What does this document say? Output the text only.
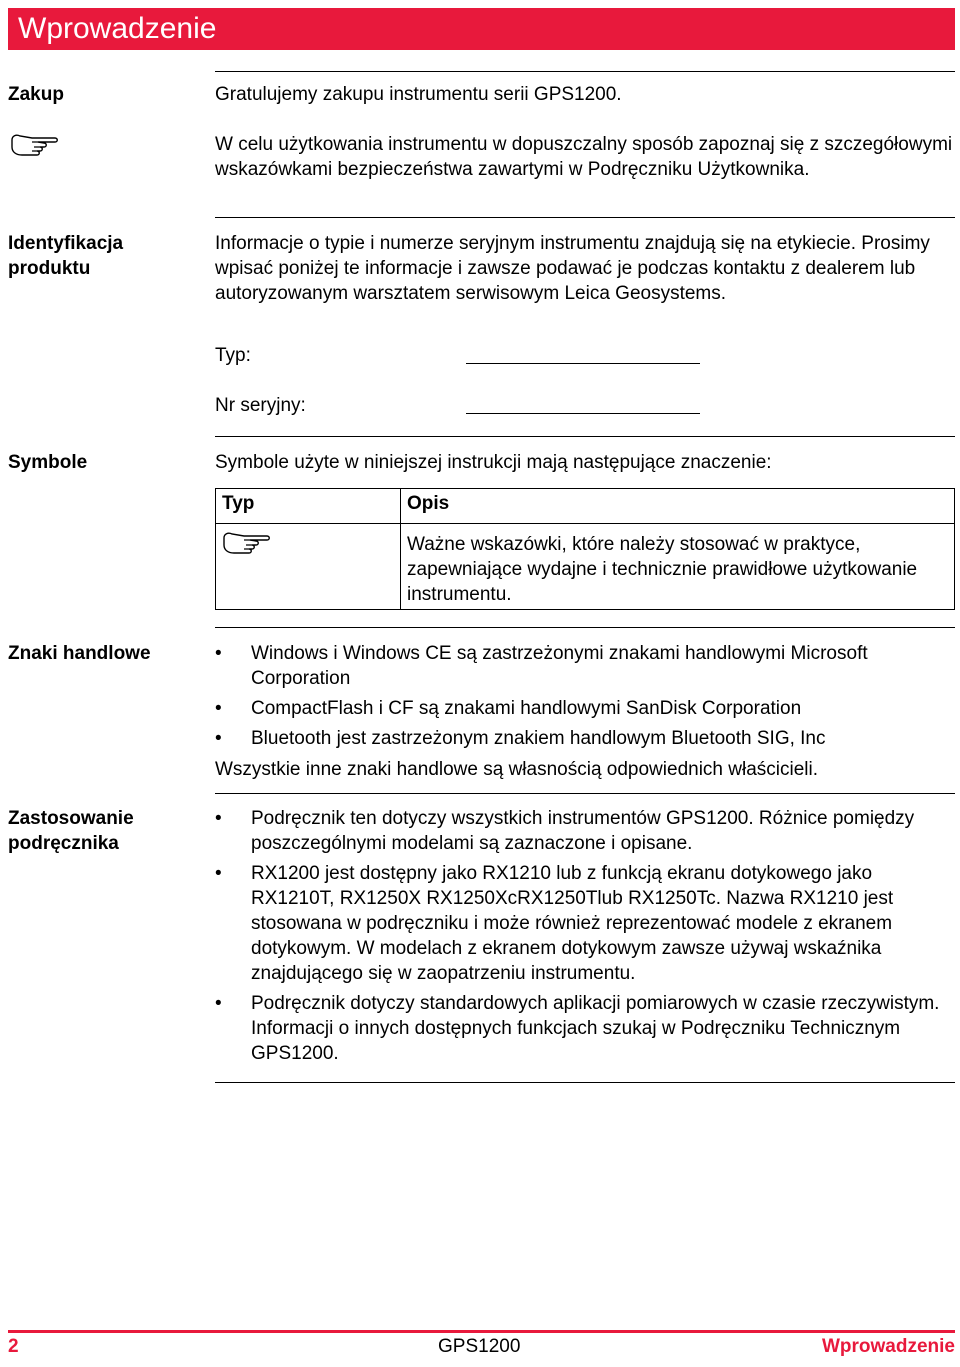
Wprowadzenie
Zakup	Gratulujemy zakupu instrumentu serii GPS1200.
W celu użytkowania instrumentu w dopuszczalny sposób zapoznaj się z szczegółowymi wskazówkami bezpieczeństwa zawartymi w Podręczniku Użytkownika.
Identyfikacja
produktu
Informacje o typie i numerze seryjnym instrumentu znajdują się na etykiecie. Prosimy wpisać poniżej te informacje i zawsze podawać je podczas kontaktu z dealerem lub autoryzowanym warsztatem serwisowym Leica Geosystems.
Typ:
Nr seryjny:
Symbole	Symbole użyte w niniejszej instrukcji mają następujące znaczenie:
Typ	Opis
	Ważne wskazówki, które należy stosować w praktyce, zapewniające wydajne i technicznie prawidłowe użytkowanie instrumentu.
Znaki handlowe	• Windows i Windows CE są zastrzeżonymi znakami handlowymi Microsoft Corporation
• CompactFlash i CF są znakami handlowymi SanDisk Corporation
• Bluetooth jest zastrzeżonym znakiem handlowym Bluetooth SIG, Inc
Wszystkie inne znaki handlowe są własnością odpowiednich właścicieli.
Zastosowanie
podręcznika
• Podręcznik ten dotyczy wszystkich instrumentów GPS1200. Różnice pomiędzy poszczególnymi modelami są zaznaczone i opisane.
• RX1200 jest dostępny jako RX1210 lub z funkcją ekranu dotykowego jako RX1210T, RX1250X RX1250XcRX1250Tlub RX1250Tc. Nazwa RX1210 jest stosowana w podręczniku i może również reprezentować modele z ekranem dotykowym. W modelach z ekranem dotykowym zawsze używaj wskaźnika znajdującego się w zaopatrzeniu instrumentu.
• Podręcznik dotyczy standardowych aplikacji pomiarowych w czasie rzeczywistym. Informacji o innych dostępnych funkcjach szukaj w Podręczniku Technicznym GPS1200.
2	GPS1200	Wprowadzenie
